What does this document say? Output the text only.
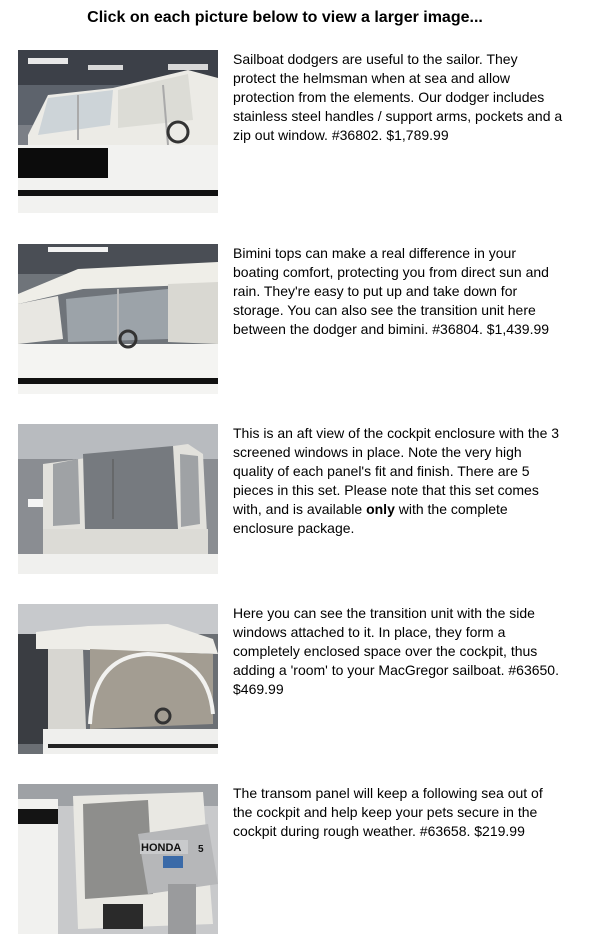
Click on each picture below to view a larger image...
Sailboat dodgers are useful to the sailor. They protect the helmsman when at sea and allow protection from the elements. Our dodger includes stainless steel handles / support arms, pockets and a zip out window. #36802. $1,789.99
Bimini tops can make a real difference in your boating comfort, protecting you from direct sun and rain. They're easy to put up and take down for storage. You can also see the transition unit here between the dodger and bimini. #36804. $1,439.99
This is an aft view of the cockpit enclosure with the 3 screened windows in place. Note the very high quality of each panel's fit and finish. There are 5 pieces in this set. Please note that this set comes with, and is available only with the complete enclosure package.
Here you can see the transition unit with the side windows attached to it. In place, they form a completely enclosed space over the cockpit, thus adding a 'room' to your MacGregor sailboat. #63650. $469.99
HONDA 5
The transom panel will keep a following sea out of the cockpit and help keep your pets secure in the cockpit during rough weather. #63658. $219.99
